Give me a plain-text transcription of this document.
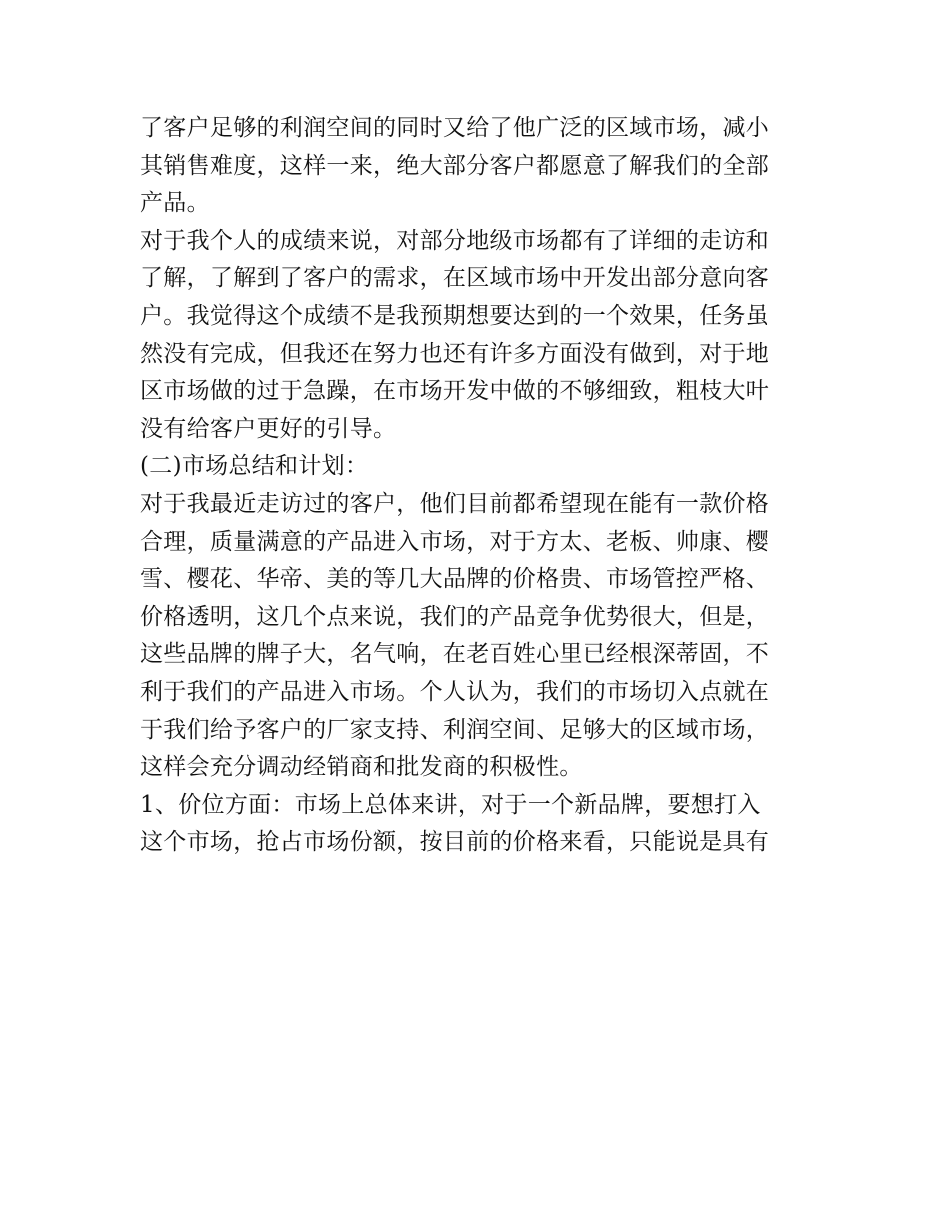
了客户足够的利润空间的同时又给了他广泛的区域市场，减小
其销售难度，这样一来，绝大部分客户都愿意了解我们的全部
产品。
对于我个人的成绩来说，对部分地级市场都有了详细的走访和
了解，了解到了客户的需求，在区域市场中开发出部分意向客
户。我觉得这个成绩不是我预期想要达到的一个效果，任务虽
然没有完成，但我还在努力也还有许多方面没有做到，对于地
区市场做的过于急躁，在市场开发中做的不够细致，粗枝大叶
没有给客户更好的引导。
(二)市场总结和计划：
对于我最近走访过的客户，他们目前都希望现在能有一款价格
合理，质量满意的产品进入市场，对于方太、老板、帅康、樱
雪、樱花、华帝、美的等几大品牌的价格贵、市场管控严格、
价格透明，这几个点来说，我们的产品竞争优势很大，但是，
这些品牌的牌子大，名气响，在老百姓心里已经根深蒂固，不
利于我们的产品进入市场。个人认为，我们的市场切入点就在
于我们给予客户的厂家支持、利润空间、足够大的区域市场，
这样会充分调动经销商和批发商的积极性。
1、价位方面：市场上总体来讲，对于一个新品牌，要想打入
这个市场，抢占市场份额，按目前的价格来看，只能说是具有
